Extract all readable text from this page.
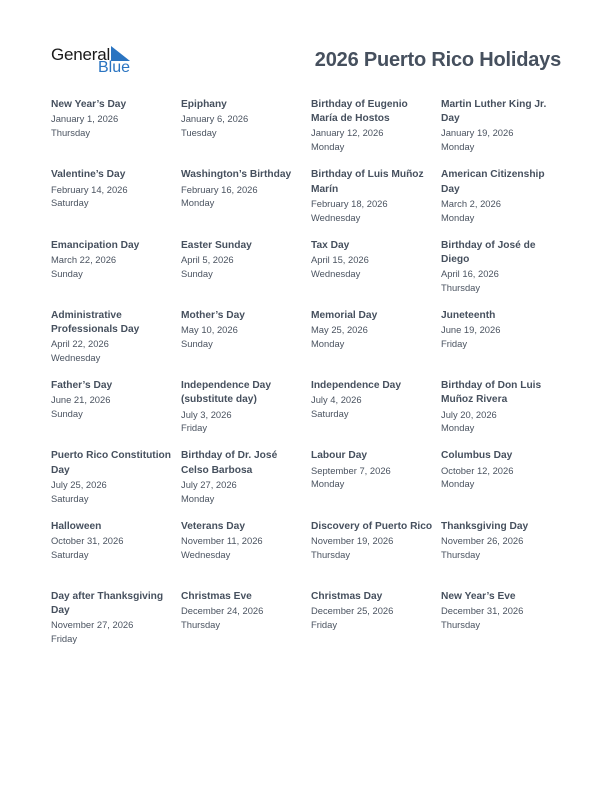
General
Blue	2026 Puerto Rico Holidays
New Year’s Day
January 1, 2026
Thursday
Epiphany
January 6, 2026
Tuesday
Birthday of Eugenio María de Hostos
January 12, 2026
Monday
Martin Luther King Jr. Day
January 19, 2026
Monday
Valentine’s Day
February 14, 2026
Saturday
Washington’s Birthday
February 16, 2026
Monday
Birthday of Luis Muñoz Marín
February 18, 2026
Wednesday
American Citizenship Day
March 2, 2026
Monday
Emancipation Day
March 22, 2026
Sunday
Easter Sunday
April 5, 2026
Sunday
Tax Day
April 15, 2026
Wednesday
Birthday of José de Diego
April 16, 2026
Thursday
Administrative Professionals Day
April 22, 2026
Wednesday
Mother’s Day
May 10, 2026
Sunday
Memorial Day
May 25, 2026
Monday
Juneteenth
June 19, 2026
Friday
Father’s Day
June 21, 2026
Sunday
Independence Day (substitute day)
July 3, 2026
Friday
Independence Day
July 4, 2026
Saturday
Birthday of Don Luis Muñoz Rivera
July 20, 2026
Monday
Puerto Rico Constitution Day
July 25, 2026
Saturday
Birthday of Dr. José Celso Barbosa
July 27, 2026
Monday
Labour Day
September 7, 2026
Monday
Columbus Day
October 12, 2026
Monday
Halloween
October 31, 2026
Saturday
Veterans Day
November 11, 2026
Wednesday
Discovery of Puerto Rico
November 19, 2026
Thursday
Thanksgiving Day
November 26, 2026
Thursday
Day after Thanksgiving Day
November 27, 2026
Friday
Christmas Eve
December 24, 2026
Thursday
Christmas Day
December 25, 2026
Friday
New Year’s Eve
December 31, 2026
Thursday
